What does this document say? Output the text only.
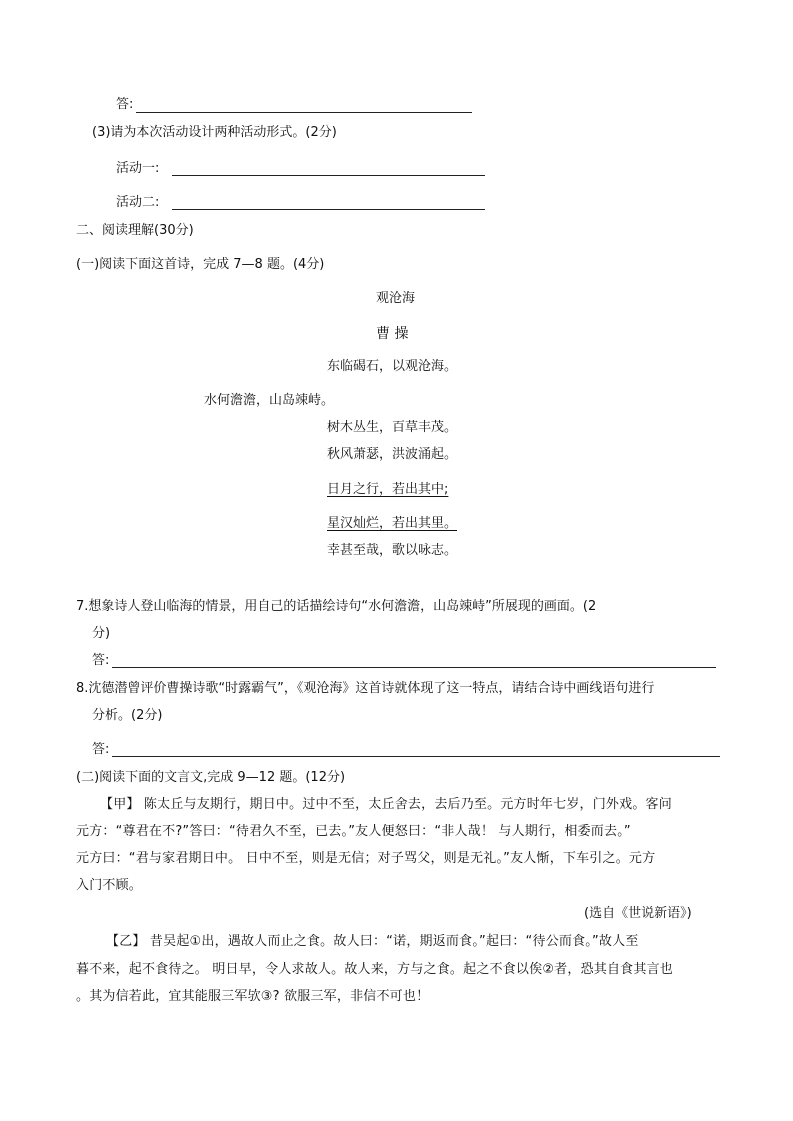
答:
(3)请为本次活动设计两种活动形式。(2分)
活动一:
活动二:
二、阅读理解(30分)
(一)阅读下面这首诗，完成 7—8 题。(4分)
观沧海
曹 操
东临碣石，以观沧海。
水何澹澹，山岛竦峙。
树木丛生，百草丰茂。
秋风萧瑟，洪波涌起。
日月之行，若出其中;
星汉灿烂，若出其里。
幸甚至哉，歌以咏志。
7.想象诗人登山临海的情景，用自己的话描绘诗句“水何澹澹，山岛竦峙”所展现的画面。(2
分)
答:
8.沈德潜曾评价曹操诗歌“时露霸气”，《观沧海》这首诗就体现了这一特点，请结合诗中画线语句进行
分析。(2分)
答:
(二)阅读下面的文言文,完成 9—12 题。(12分)
【甲】 陈太丘与友期行，期日中。过中不至，太丘舍去，去后乃至。元方时年七岁，门外戏。客问
元方：“尊君在不?”答曰：“待君久不至，已去。”友人便怒曰：“非人哉！ 与人期行，相委而去。”
元方曰：“君与家君期日中。 日中不至，则是无信；对子骂父，则是无礼。”友人惭，下车引之。元方
入门不顾。
(选自《世说新语》)
【乙】 昔吴起①出，遇故人而止之食。故人曰：“诺，期返而食。”起曰：“待公而食。”故人至
暮不来，起不食待之。 明日早，令人求故人。故人来，方与之食。起之不食以俟②者，恐其自食其言也
。其为信若此，宜其能服三军欤③? 欲服三军，非信不可也！
